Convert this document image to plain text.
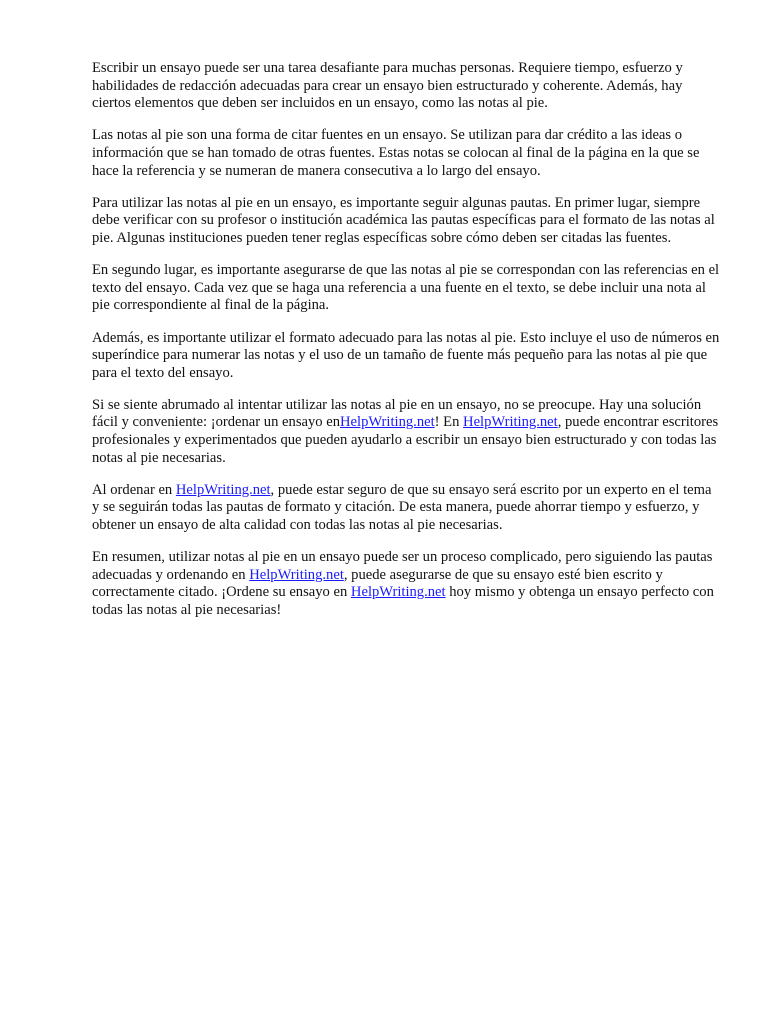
Escribir un ensayo puede ser una tarea desafiante para muchas personas. Requiere tiempo, esfuerzo y habilidades de redacción adecuadas para crear un ensayo bien estructurado y coherente. Además, hay ciertos elementos que deben ser incluidos en un ensayo, como las notas al pie.

Las notas al pie son una forma de citar fuentes en un ensayo. Se utilizan para dar crédito a las ideas o información que se han tomado de otras fuentes. Estas notas se colocan al final de la página en la que se hace la referencia y se numeran de manera consecutiva a lo largo del ensayo.

Para utilizar las notas al pie en un ensayo, es importante seguir algunas pautas. En primer lugar, siempre debe verificar con su profesor o institución académica las pautas específicas para el formato de las notas al pie. Algunas instituciones pueden tener reglas específicas sobre cómo deben ser citadas las fuentes.

En segundo lugar, es importante asegurarse de que las notas al pie se correspondan con las referencias en el texto del ensayo. Cada vez que se haga una referencia a una fuente en el texto, se debe incluir una nota al pie correspondiente al final de la página.

Además, es importante utilizar el formato adecuado para las notas al pie. Esto incluye el uso de números en superíndice para numerar las notas y el uso de un tamaño de fuente más pequeño para las notas al pie que para el texto del ensayo.

Si se siente abrumado al intentar utilizar las notas al pie en un ensayo, no se preocupe. Hay una solución fácil y conveniente: ¡ordenar un ensayo enHelpWriting.net! En HelpWriting.net, puede encontrar escritores profesionales y experimentados que pueden ayudarlo a escribir un ensayo bien estructurado y con todas las notas al pie necesarias.

Al ordenar en HelpWriting.net, puede estar seguro de que su ensayo será escrito por un experto en el tema y se seguirán todas las pautas de formato y citación. De esta manera, puede ahorrar tiempo y esfuerzo, y obtener un ensayo de alta calidad con todas las notas al pie necesarias.

En resumen, utilizar notas al pie en un ensayo puede ser un proceso complicado, pero siguiendo las pautas adecuadas y ordenando en HelpWriting.net, puede asegurarse de que su ensayo esté bien escrito y correctamente citado. ¡Ordene su ensayo en HelpWriting.net hoy mismo y obtenga un ensayo perfecto con todas las notas al pie necesarias!
